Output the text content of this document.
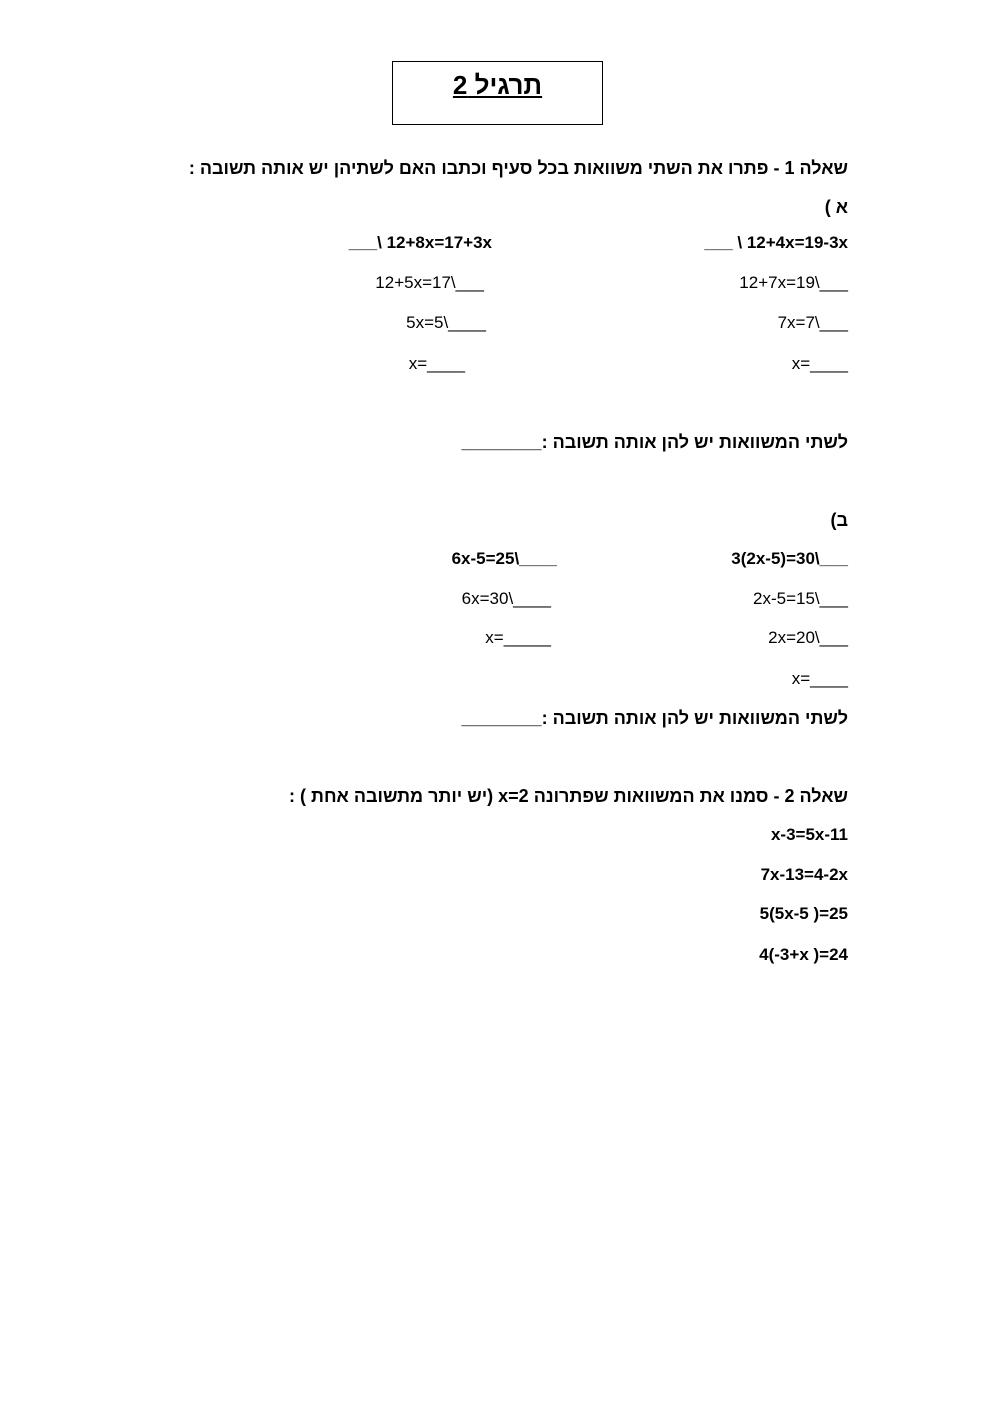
תרגיל 2
שאלה 1 - פתרו את השתי משוואות בכל סעיף וכתבו האם לשתיהן יש אותה תשובה :
א )
___ \ 12+4x=19-3x
12+7x=19\___
7x=7\___
x=____
___\ 12+8x=17+3x
12+5x=17\___
5x=5\____
x=____
לשתי המשוואות יש להן אותה תשובה :________
ב)
3(2x-5)=30\___
2x-5=15\___
2x=20\___
x=____
6x-5=25\____
6x=30\____
x=_____
לשתי המשוואות יש להן אותה תשובה :________
שאלה 2 - סמנו את המשוואות שפתרונה x=2 (יש יותר מתשובה אחת ) :
x-3=5x-11
7x-13=4-2x
5(5x-5 )=25
4(-3+x )=24
